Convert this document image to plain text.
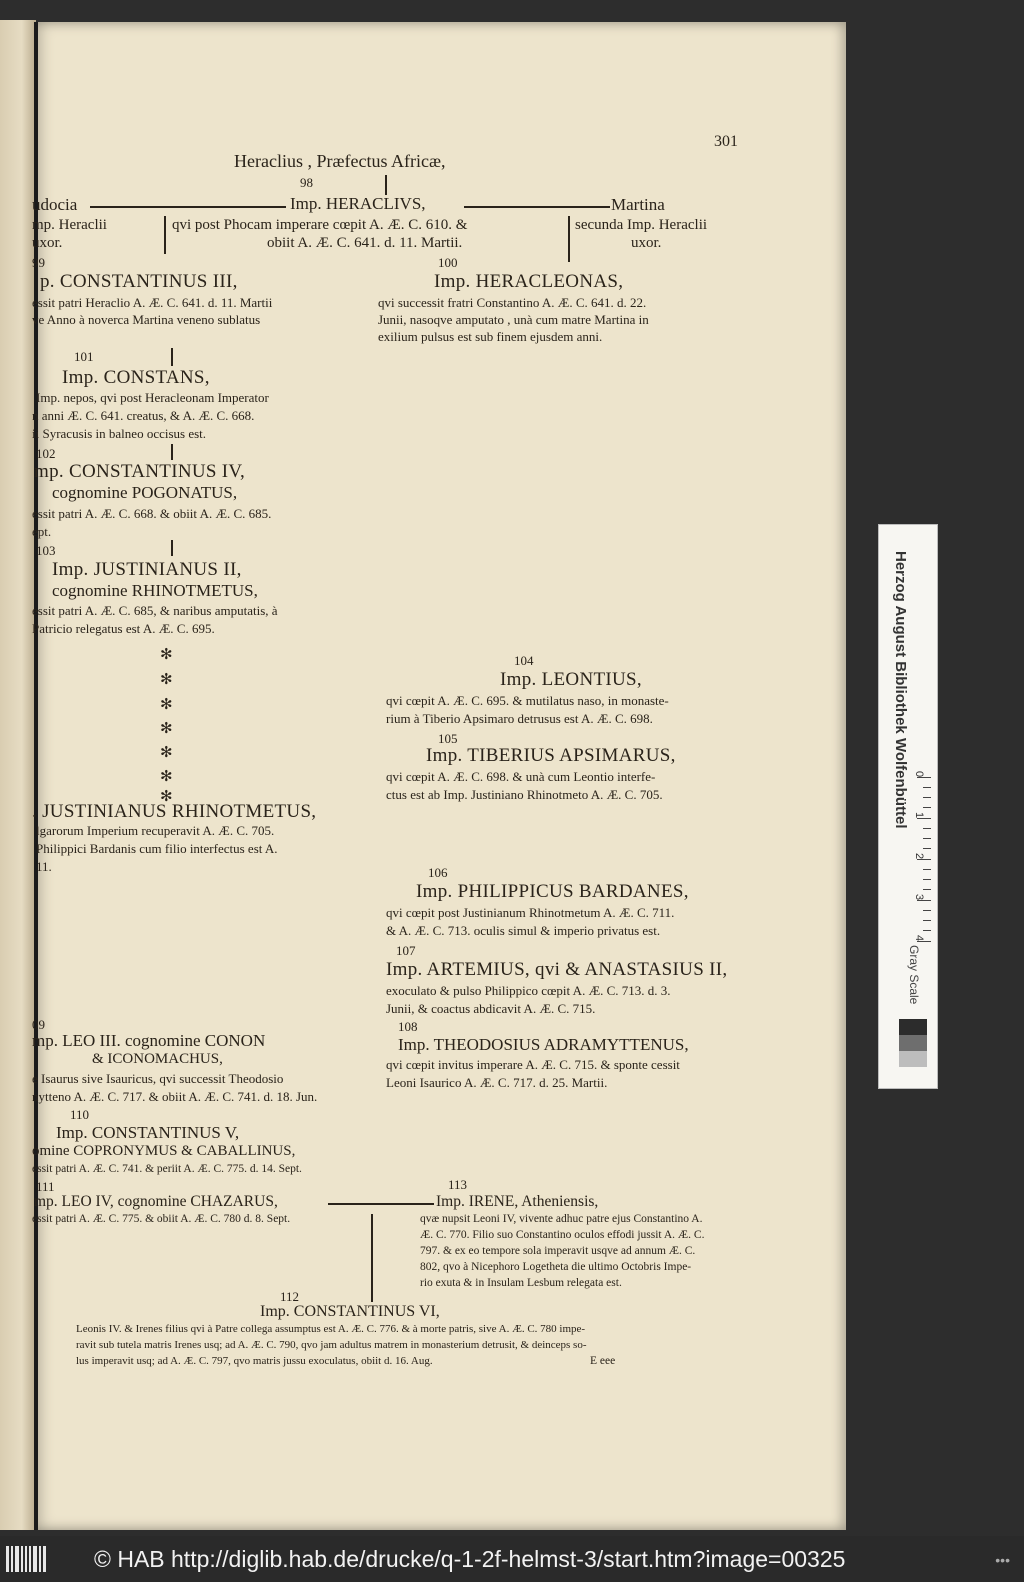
301
Heraclius , Præfectus Africæ,
98
udocia	Imp. HERACLIVS,	Martina
mp. Heraclii
uxor.
qvi post Phocam imperare cœpit A. Æ. C. 610. &
obiit A. Æ. C. 641. d. 11. Martii.
secunda Imp. Heraclii
uxor.
99
p. CONSTANTINUS III,
essit patri Heraclio A. Æ. C. 641. d. 11. Martii
ve Anno à noverca Martina veneno sublatus
100
Imp. HERACLEONAS,
qvi successit fratri Constantino A. Æ. C. 641. d. 22.
Junii, nasoqve amputato , unà cum matre Martina in
exilium pulsus est sub finem ejusdem anni.
101
Imp. CONSTANS,
Imp. nepos, qvi post Heracleonam Imperator
n anni Æ. C. 641. creatus, & A. Æ. C. 668.
ii Syracusis in balneo occisus est.
102
mp. CONSTANTINUS IV,
cognomine POGONATUS,
essit patri A. Æ. C. 668. & obiit A. Æ. C. 685.
ept.
103
Imp. JUSTINIANUS II,
cognomine RHINOTMETUS,
essit patri A. Æ. C. 685, & naribus amputatis, à
Patricio relegatus est A. Æ. C. 695.
✻
✻
✻
✻
✻
✻
✻
. JUSTINIANUS RHINOTMETUS,
lgarorum Imperium recuperavit A. Æ. C. 705.
Philippici Bardanis cum filio interfectus est A.
11.
104
Imp. LEONTIUS,
qvi cœpit A. Æ. C. 695. & mutilatus naso, in monaste-
rium à Tiberio Apsimaro detrusus est A. Æ. C. 698.
105
Imp. TIBERIUS APSIMARUS,
qvi cœpit A. Æ. C. 698. & unà cum Leontio interfe-
ctus est ab Imp. Justiniano Rhinotmeto A. Æ. C. 705.
106
Imp. PHILIPPICUS BARDANES,
qvi cœpit post Justinianum Rhinotmetum A. Æ. C. 711.
& A. Æ. C. 713. oculis simul & imperio privatus est.
107
Imp. ARTEMIUS, qvi & ANASTASIUS II,
exoculato & pulso Philippico cœpit A. Æ. C. 713. d. 3.
Junii, & coactus abdicavit A. Æ. C. 715.
108
Imp. THEODOSIUS ADRAMYTTENUS,
qvi cœpit invitus imperare A. Æ. C. 715. & sponte cessit
Leoni Isaurico A. Æ. C. 717. d. 25. Martii.
09
mp. LEO III. cognomine CONON
& ICONOMACHUS,
e Isaurus sive Isauricus, qvi successit Theodosio
nytteno A. Æ. C. 717. & obiit A. Æ. C. 741. d. 18. Jun.
110
Imp. CONSTANTINUS V,
omine COPRONYMUS & CABALLINUS,
essit patri A. Æ. C. 741. & periit A. Æ. C. 775. d. 14. Sept.
111
mp. LEO IV, cognomine CHAZARUS,
essit patri A. Æ. C. 775. & obiit A. Æ. C. 780 d. 8. Sept.
113
Imp. IRENE, Atheniensis,
qvæ nupsit Leoni IV, vivente adhuc patre ejus Constantino A.
Æ. C. 770. Filio suo Constantino oculos effodi jussit A. Æ. C.
797. & ex eo tempore sola imperavit usqve ad annum Æ. C.
802, qvo à Nicephoro Logetheta die ultimo Octobris Impe-
rio exuta & in Insulam Lesbum relegata est.
112
Imp. CONSTANTINUS VI,
Leonis IV. & Irenes filius qvi à Patre collega assumptus est A. Æ. C. 776. & à morte patris, sive A. Æ. C. 780 impe-
ravit sub tutela matris Irenes usq; ad A. Æ. C. 790, qvo jam adultus matrem in monasterium detrusit, & deinceps so-
lus imperavit usq; ad A. Æ. C. 797, qvo matris jussu exoculatus, obiit d. 16. Aug.	E eee
Herzog August Bibliothek Wolfenbüttel 0
1
2
3
4
Gray Scale
© HAB http://diglib.hab.de/drucke/q-1-2f-helmst-3/start.htm?image=00325	•••
